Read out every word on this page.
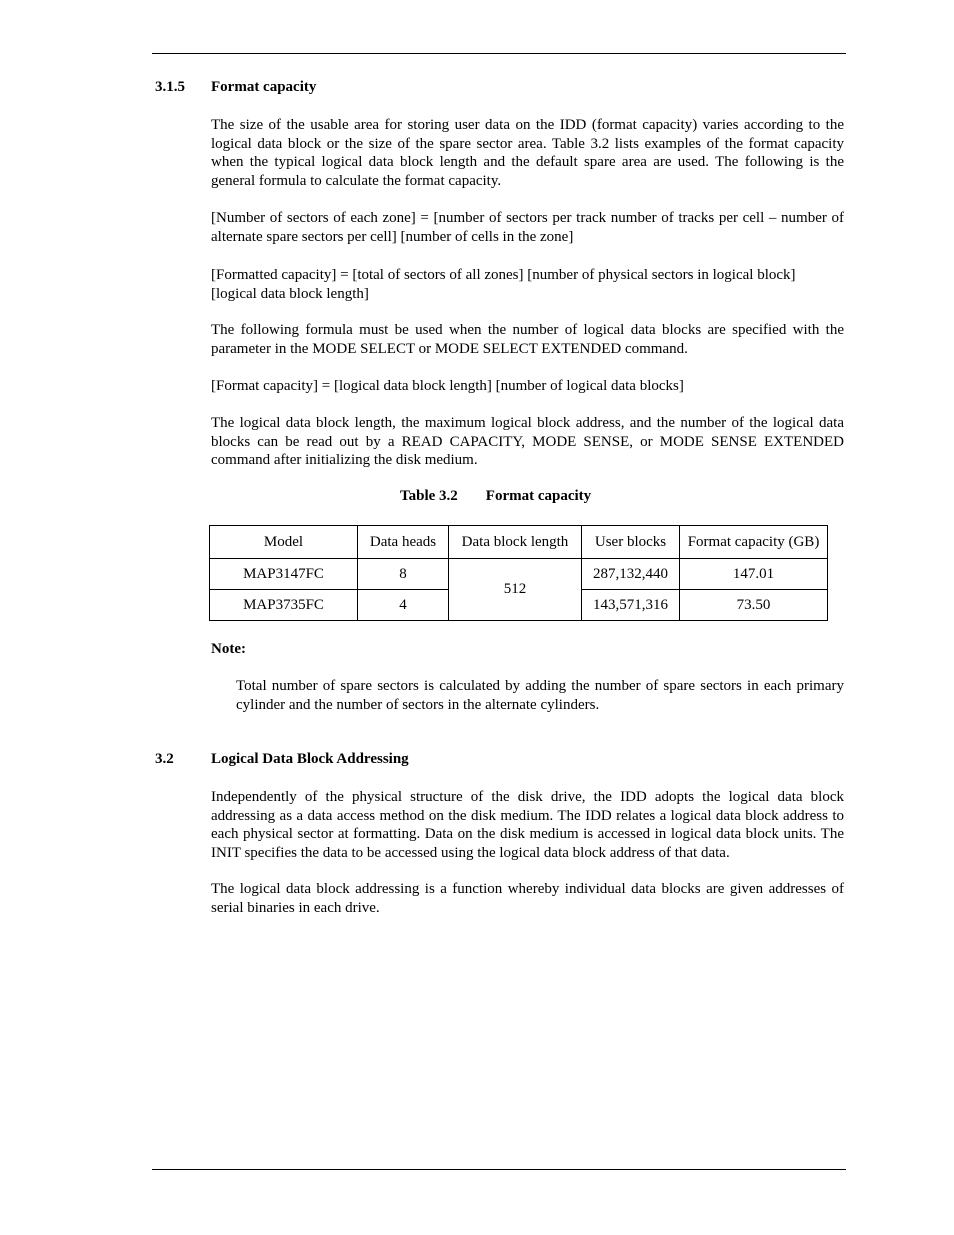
3.1.5 Format capacity
The size of the usable area for storing user data on the IDD (format capacity) varies according to the logical data block or the size of the spare sector area. Table 3.2 lists examples of the format capacity when the typical logical data block length and the default spare area are used. The following is the general formula to calculate the format capacity.
[Number of sectors of each zone] = [number of sectors per track number of tracks per cell – number of alternate spare sectors per cell] [number of cells in the zone]
[Formatted capacity] = [total of sectors of all zones] [number of physical sectors in logical block]
[logical data block length]
The following formula must be used when the number of logical data blocks are specified with the parameter in the MODE SELECT or MODE SELECT EXTENDED command.
[Format capacity] = [logical data block length] [number of logical data blocks]
The logical data block length, the maximum logical block address, and the number of the logical data blocks can be read out by a READ CAPACITY, MODE SENSE, or MODE SENSE EXTENDED command after initializing the disk medium.
Table 3.2 Format capacity
Model	Data heads	Data block length	User blocks	Format capacity (GB)
MAP3147FC	8	512	287,132,440	147.01
MAP3735FC	4		143,571,316	73.50
Note:
Total number of spare sectors is calculated by adding the number of spare sectors in each primary cylinder and the number of sectors in the alternate cylinders.
3.2 Logical Data Block Addressing
Independently of the physical structure of the disk drive, the IDD adopts the logical data block addressing as a data access method on the disk medium. The IDD relates a logical data block address to each physical sector at formatting. Data on the disk medium is accessed in logical data block units. The INIT specifies the data to be accessed using the logical data block address of that data.
The logical data block addressing is a function whereby individual data blocks are given addresses of serial binaries in each drive.
